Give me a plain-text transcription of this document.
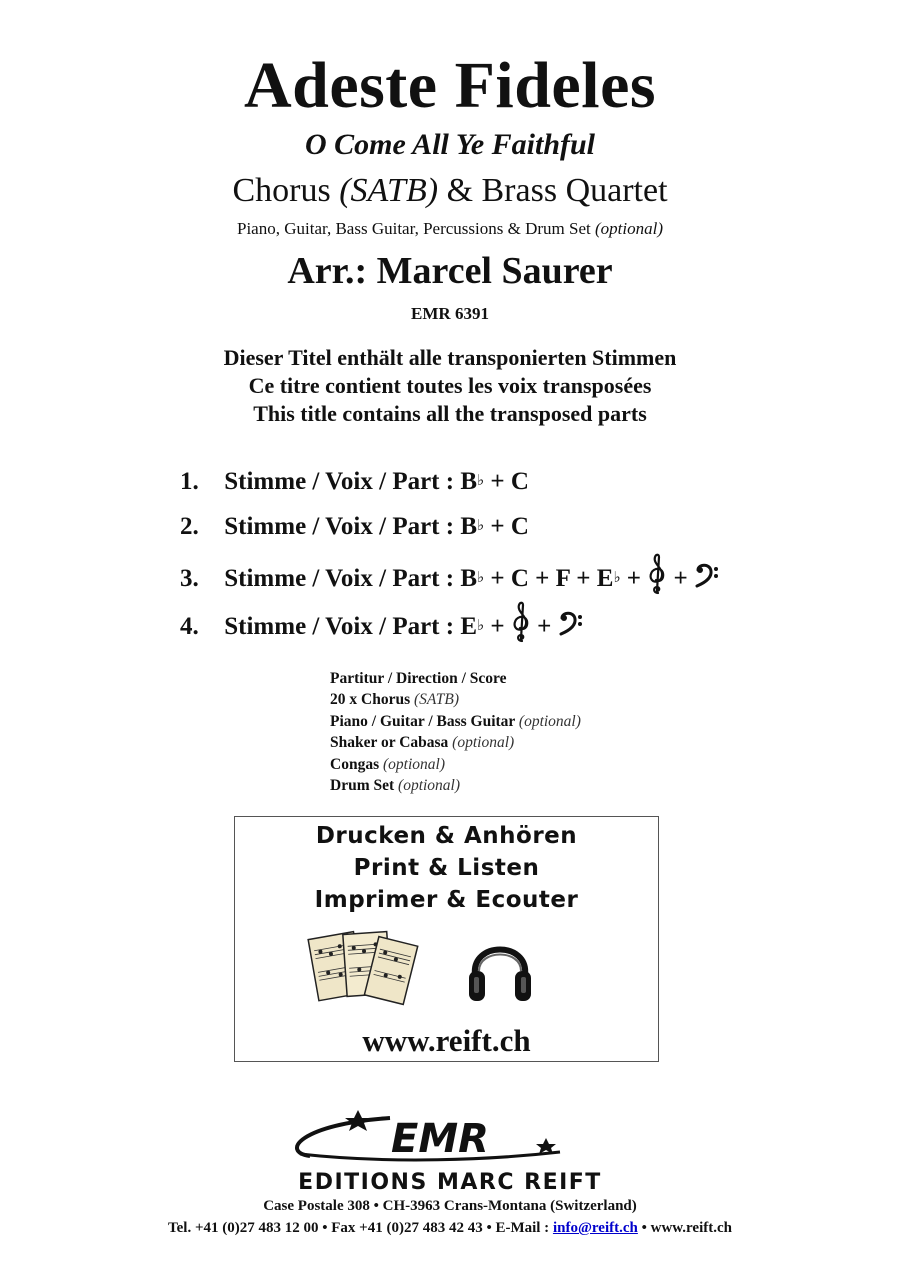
Adeste Fideles
O Come All Ye Faithful
Chorus (SATB) & Brass Quartet
Piano, Guitar, Bass Guitar, Percussions & Drum Set (optional)
Arr.: Marcel Saurer
EMR 6391
Dieser Titel enthält alle transponierten Stimmen
Ce titre contient toutes les voix transposées
This title contains all the transposed parts
1. Stimme / Voix / Part : B♭ + C
2. Stimme / Voix / Part : B♭ + C
3. Stimme / Voix / Part : B♭ + C + F + E♭ +  +
4. Stimme / Voix / Part : E♭ +  +
Partitur / Direction / Score
20 x Chorus (SATB)
Piano / Guitar / Bass Guitar (optional)
Shaker or Cabasa (optional)
Congas (optional)
Drum Set (optional)
Drucken & Anhören
Print & Listen
Imprimer & Ecouter
www.reift.ch
EMR
EDITIONS MARC REIFT
Case Postale 308 • CH-3963 Crans-Montana (Switzerland)
Tel. +41 (0)27 483 12 00 • Fax +41 (0)27 483 42 43 • E-Mail : info@reift.ch • www.reift.ch
